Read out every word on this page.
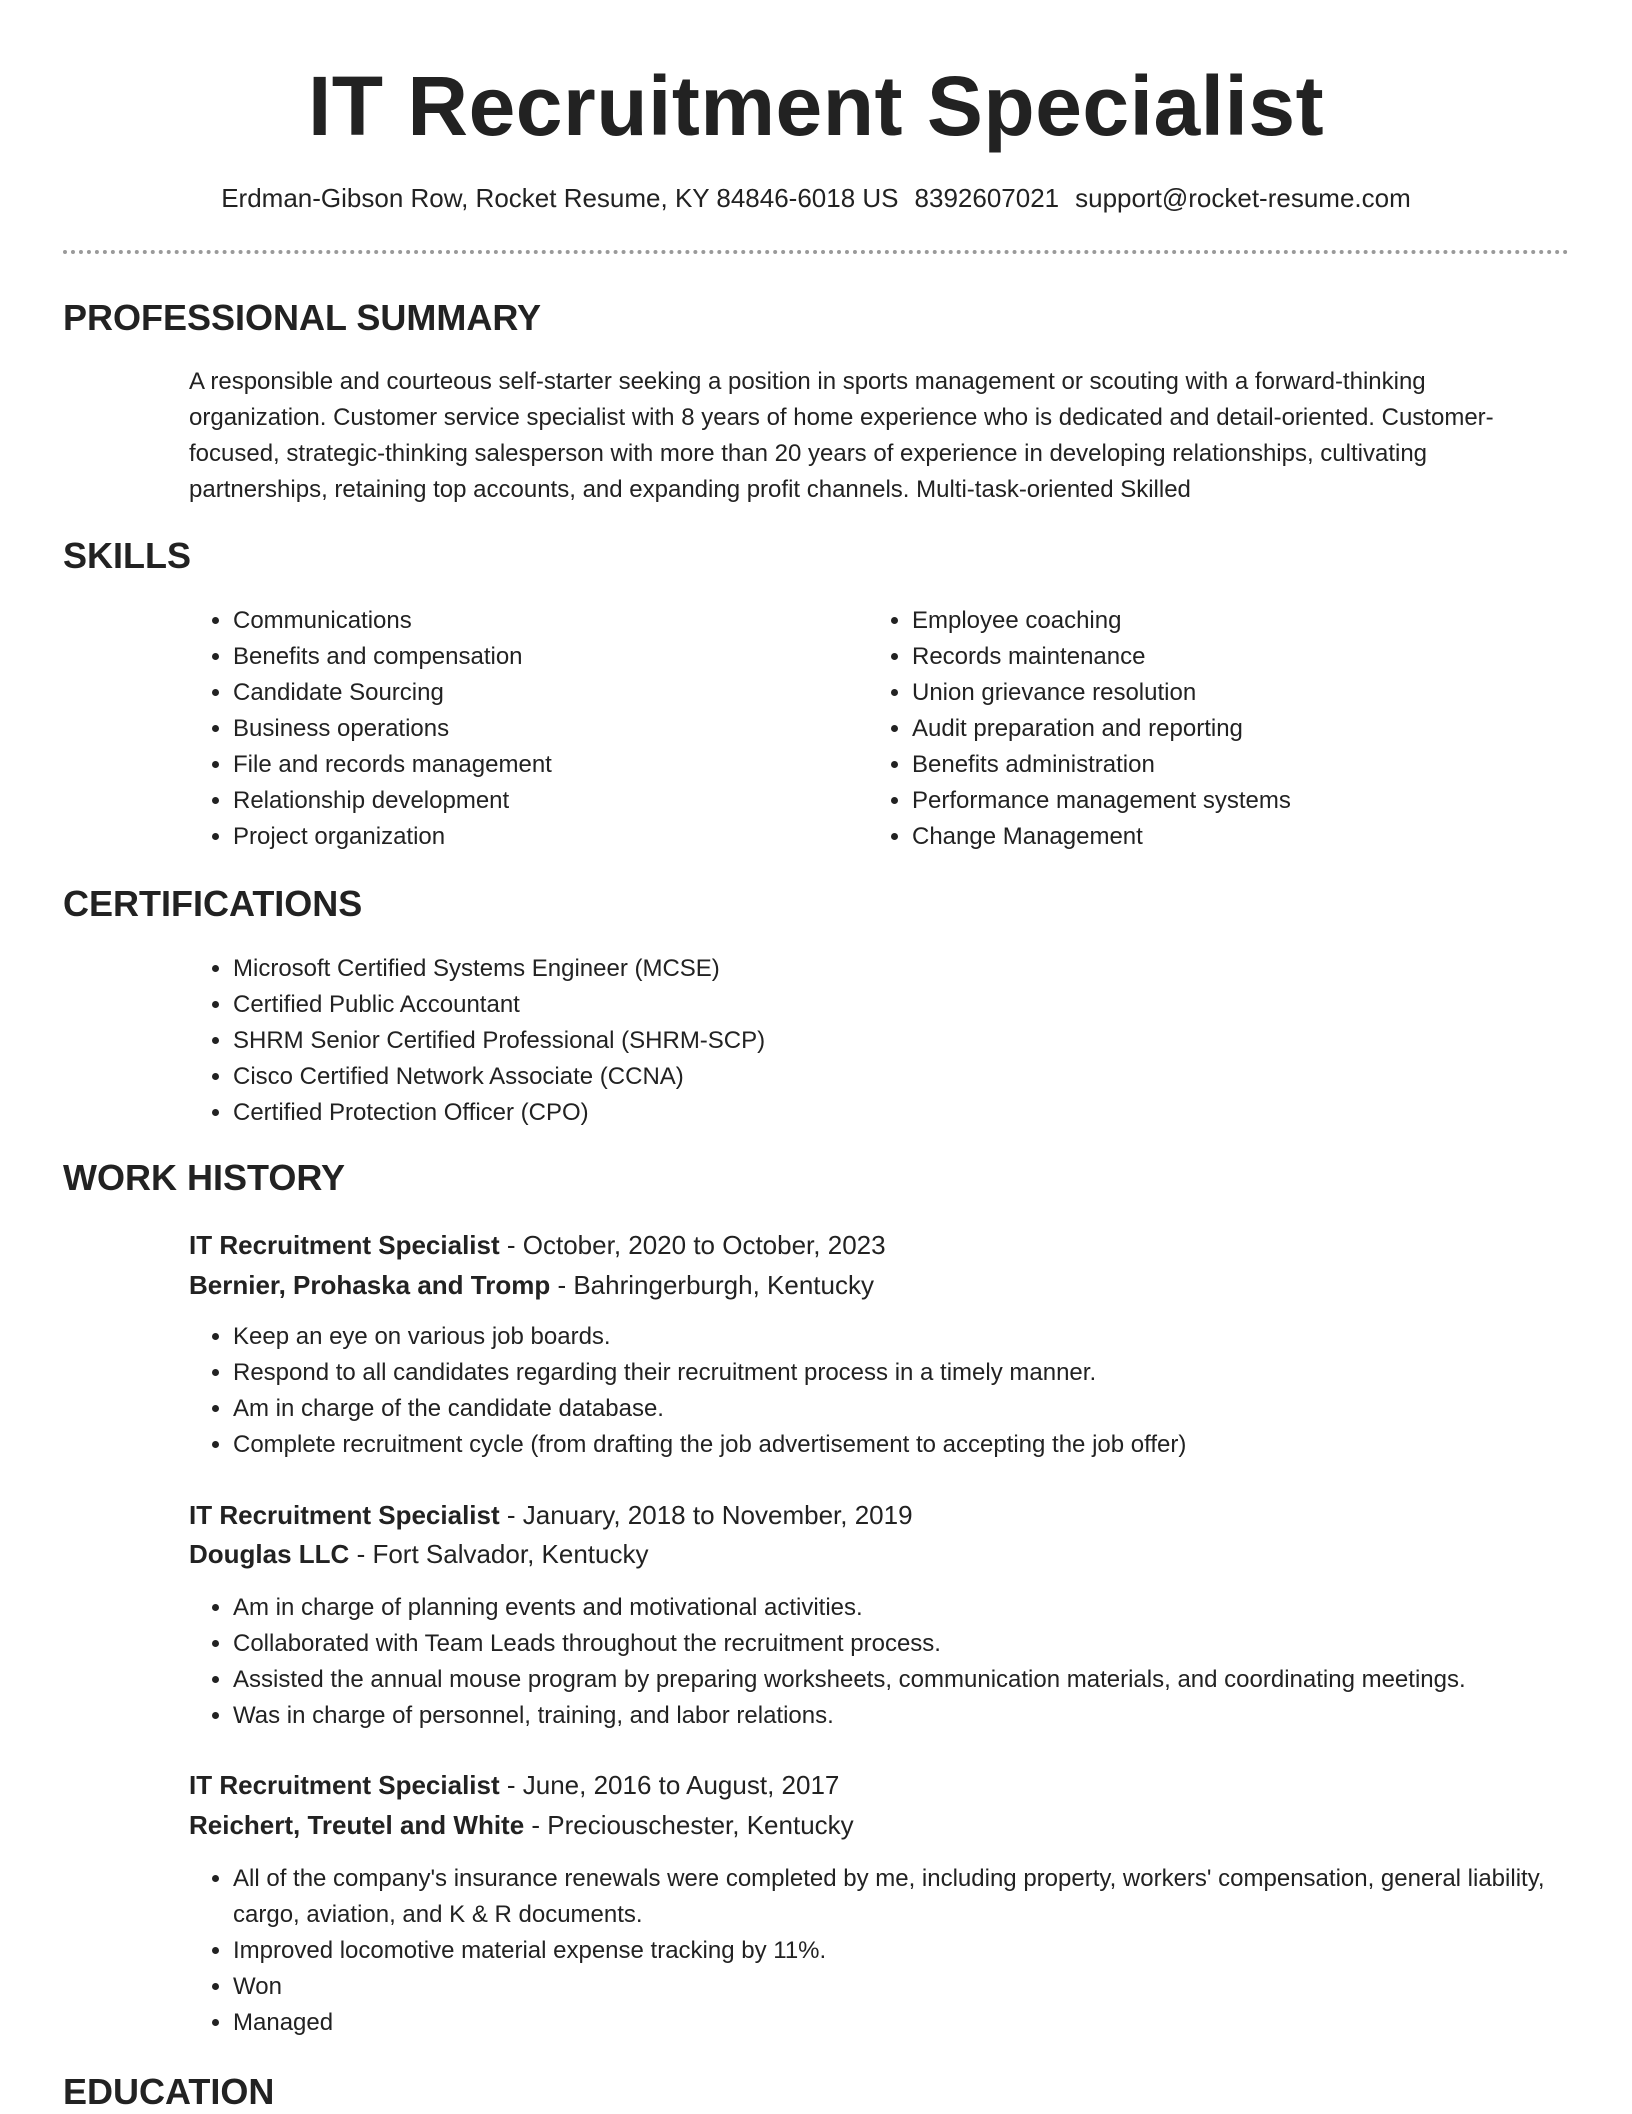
IT Recruitment Specialist
Erdman-Gibson Row, Rocket Resume, KY 84846-6018 US 8392607021 support@rocket-resume.com
PROFESSIONAL SUMMARY

A responsible and courteous self-starter seeking a position in sports management or scouting with a forward-thinking organization. Customer service specialist with 8 years of home experience who is dedicated and detail-oriented. Customer-focused, strategic-thinking salesperson with more than 20 years of experience in developing relationships, cultivating partnerships, retaining top accounts, and expanding profit channels. Multi-task-oriented Skilled

SKILLS
• Communications
• Benefits and compensation
• Candidate Sourcing
• Business operations
• File and records management
• Relationship development
• Project organization
• Employee coaching
• Records maintenance
• Union grievance resolution
• Audit preparation and reporting
• Benefits administration
• Performance management systems
• Change Management
CERTIFICATIONS
• Microsoft Certified Systems Engineer (MCSE)
• Certified Public Accountant
• SHRM Senior Certified Professional (SHRM-SCP)
• Cisco Certified Network Associate (CCNA)
• Certified Protection Officer (CPO)
WORK HISTORY
IT Recruitment Specialist - October, 2020 to October, 2023
Bernier, Prohaska and Tromp - Bahringerburgh, Kentucky
• Keep an eye on various job boards.
• Respond to all candidates regarding their recruitment process in a timely manner.
• Am in charge of the candidate database.
• Complete recruitment cycle (from drafting the job advertisement to accepting the job offer)
IT Recruitment Specialist - January, 2018 to November, 2019
Douglas LLC - Fort Salvador, Kentucky
• Am in charge of planning events and motivational activities.
• Collaborated with Team Leads throughout the recruitment process.
• Assisted the annual mouse program by preparing worksheets, communication materials, and coordinating meetings.
• Was in charge of personnel, training, and labor relations.
IT Recruitment Specialist - June, 2016 to August, 2017
Reichert, Treutel and White - Preciouschester, Kentucky
• All of the company's insurance renewals were completed by me, including property, workers' compensation, general liability, cargo, aviation, and K & R documents.
• Improved locomotive material expense tracking by 11%.
• Won
• Managed
EDUCATION
